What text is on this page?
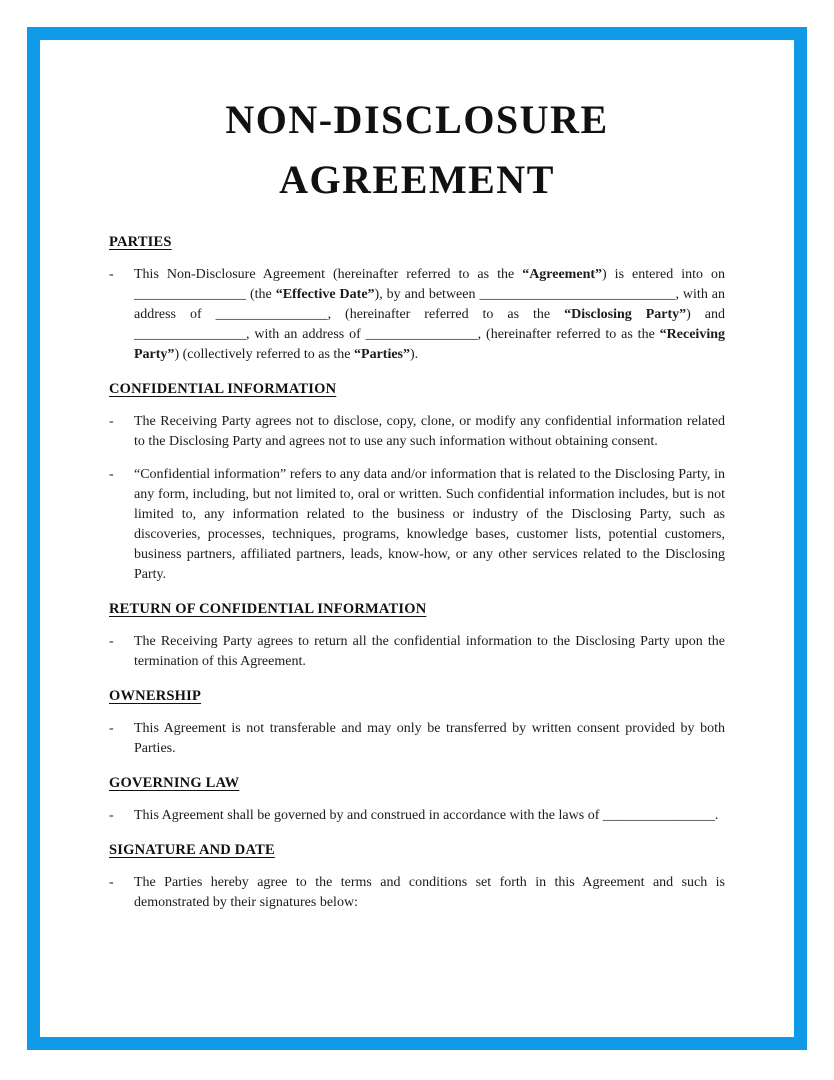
NON-DISCLOSURE
AGREEMENT
PARTIES
-	This Non-Disclosure Agreement (hereinafter referred to as the “Agreement”) is entered into on ________________ (the “Effective Date”), by and between ____________________________, with an address of ________________, (hereinafter referred to as the “Disclosing Party”) and ________________, with an address of ________________, (hereinafter referred to as the “Receiving Party”) (collectively referred to as the “Parties”).

CONFIDENTIAL INFORMATION
-	The Receiving Party agrees not to disclose, copy, clone, or modify any confidential information related to the Disclosing Party and agrees not to use any such information without obtaining consent.

-	“Confidential information” refers to any data and/or information that is related to the Disclosing Party, in any form, including, but not limited to, oral or written. Such confidential information includes, but is not limited to, any information related to the business or industry of the Disclosing Party, such as discoveries, processes, techniques, programs, knowledge bases, customer lists, potential customers, business partners, affiliated partners, leads, know-how, or any other services related to the Disclosing Party.

RETURN OF CONFIDENTIAL INFORMATION
-	The Receiving Party agrees to return all the confidential information to the Disclosing Party upon the termination of this Agreement.

OWNERSHIP
-	This Agreement is not transferable and may only be transferred by written consent provided by both Parties.

GOVERNING LAW
-	This Agreement shall be governed by and construed in accordance with the laws of ________________.

SIGNATURE AND DATE
-	The Parties hereby agree to the terms and conditions set forth in this Agreement and such is demonstrated by their signatures below:
